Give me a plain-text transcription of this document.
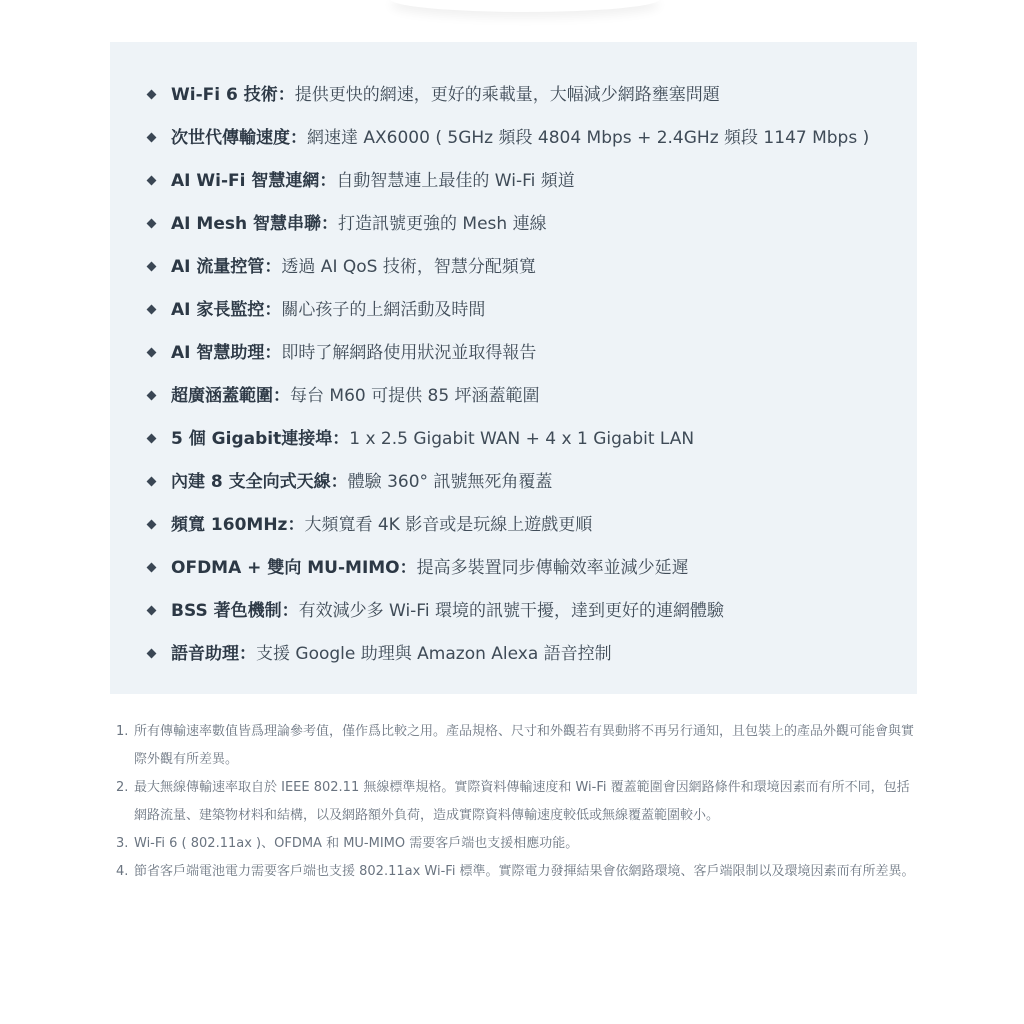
Wi-Fi 6 技術：提供更快的網速，更好的乘載量，大幅減少網路壅塞問題
次世代傳輸速度：網速達 AX6000 ( 5GHz 頻段 4804 Mbps + 2.4GHz 頻段 1147 Mbps )
AI Wi-Fi 智慧連網：自動智慧連上最佳的 Wi-Fi 頻道
AI Mesh 智慧串聯：打造訊號更強的 Mesh 連線
AI 流量控管：透過 AI QoS 技術，智慧分配頻寬
AI 家長監控：關心孩子的上網活動及時間
AI 智慧助理：即時了解網路使用狀況並取得報告
超廣涵蓋範圍：每台 M60 可提供 85 坪涵蓋範圍
5 個 Gigabit連接埠：1 x 2.5 Gigabit WAN + 4 x 1 Gigabit LAN
內建 8 支全向式天線：體驗 360° 訊號無死角覆蓋
頻寬 160MHz：大頻寬看 4K 影音或是玩線上遊戲更順
OFDMA + 雙向 MU-MIMO：提高多裝置同步傳輸效率並減少延遲
BSS 著色機制：有效減少多 Wi-Fi 環境的訊號干擾，達到更好的連網體驗
語音助理：支援 Google 助理與 Amazon Alexa 語音控制
1. 所有傳輸速率數值皆爲理論參考值，僅作爲比較之用。產品規格、尺寸和外觀若有異動將不再另行通知，且包裝上的產品外觀可能會與實際外觀有所差異。
2. 最大無線傳輸速率取自於 IEEE 802.11 無線標準規格。實際資料傳輸速度和 Wi-Fi 覆蓋範圍會因網路條件和環境因素而有所不同，包括網路流量、建築物材料和結構，以及網路額外負荷，造成實際資料傳輸速度較低或無線覆蓋範圍較小。
3. Wi-Fi 6 ( 802.11ax )、OFDMA 和 MU-MIMO 需要客戶端也支援相應功能。
4. 節省客戶端電池電力需要客戶端也支援 802.11ax Wi-Fi 標準。實際電力發揮結果會依網路環境、客戶端限制以及環境因素而有所差異。
